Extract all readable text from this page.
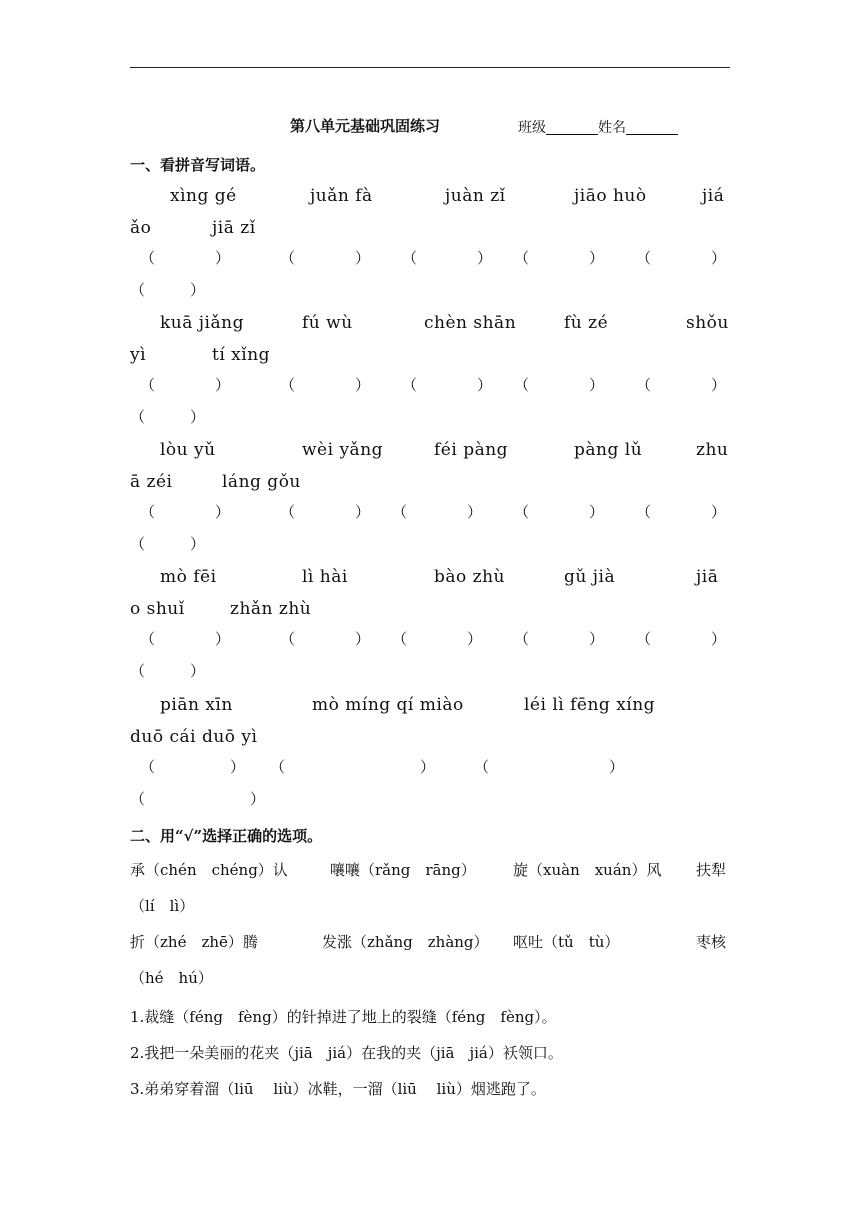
第八单元基础巩固练习	班级	姓名
一、看拼音写词语。
xìng gé	juǎn fà	juàn zǐ	jiāo huò	jiá
ǎo	jiā zǐ
（　　　　	）	（　　　　	） （　　　　	） （　　　　	） （　　　　	）
（　　　	）
kuā jiǎng	fú wù	chèn shān	fù zé	shǒu
yì	tí xǐng
（　　　　	）	（　　　　	） （　　　　	） （　　　　	） （　　　　	）
（　　　	）
lòu yǔ	wèi yǎng	féi pàng	pàng lǔ	zhu
ā zéi	láng gǒu
（　　　　	）	（　　　　	） （　　　　	） （　　　　	） （　　　　	）
（　　　	）
mò fēi	lì hài	bào zhù	gǔ jià	jiā
o shuǐ	zhǎn zhù
（　　　　	）	（　　　　	） （　　　　	） （　　　　	） （　　　　	）
（　　　	）
piān xīn	mò míng qí miào	léi lì fēng xíng
duō cái duō yì
（　　　　　	） （　　　　　　　　　	）	（　　　　　　　　	）
（　　　　　　　	）
二、用“√”选择正确的选项。
承（chén　chéng）认	嚷嚷（rǎng　rāng） 旋（xuàn　xuán）风 扶犁
（lí　lì）
折（zhé　zhē）腾	发涨（zhǎng　zhàng） 呕吐（tǔ　tù）	枣核
（hé　hú）
1.裁缝（féng　fèng）的针掉进了地上的裂缝（féng　fèng）。
2.我把一朵美丽的花夹（jiā　jiá）在我的夹（jiā　jiá）袄领口。
3.弟弟穿着溜（liū　 liù）冰鞋，一溜（liū　 liù）烟逃跑了。
